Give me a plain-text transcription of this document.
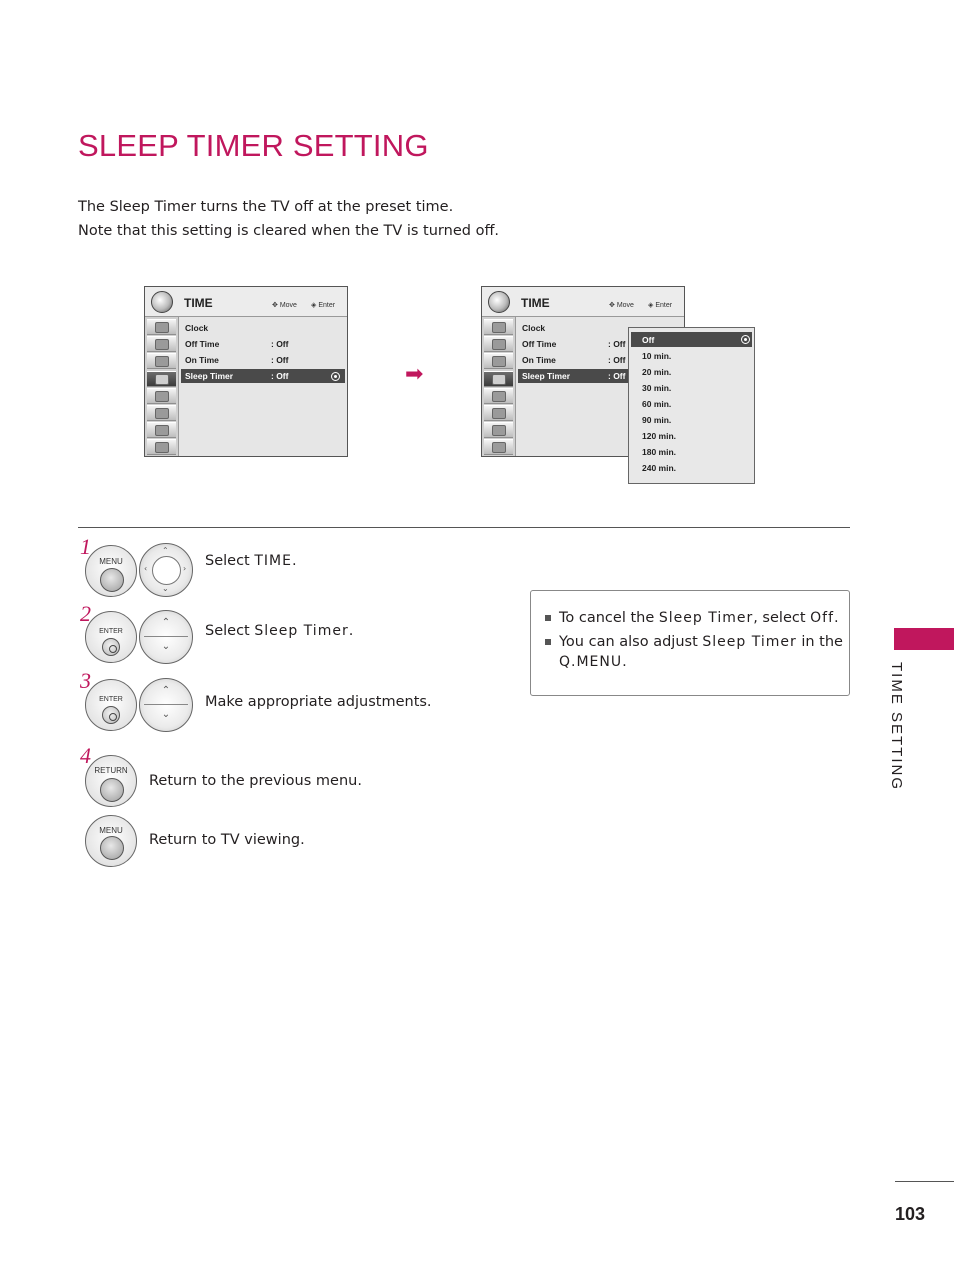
SLEEP TIMER SETTING
The Sleep Timer turns the TV off at the preset time.
Note that this setting is cleared when the TV is turned off.
TIME	✥ Move ◈ Enter
Clock
Off Time	: Off
On Time	: Off
Sleep Timer	: Off	➡
TIME	✥ Move ◈ Enter
Clock
Off Time	: Off
On Time	: Off
Sleep Timer	: Off
Off
10 min.
20 min.
30 min.
60 min.
90 min.
120 min.
180 min.
240 min.
1
MENU
⌃
⌄
‹	› Select TIME.
2
ENTER
⌃
⌄
Select Sleep Timer.
3
ENTER
⌃
⌄
Make appropriate adjustments.
4
RETURN
Return to the previous menu.
MENU
Return to TV viewing.
To cancel the Sleep Timer, select Off.
You can also adjust Sleep Timer in the
Q.MENU.	TIME SETTING
103
